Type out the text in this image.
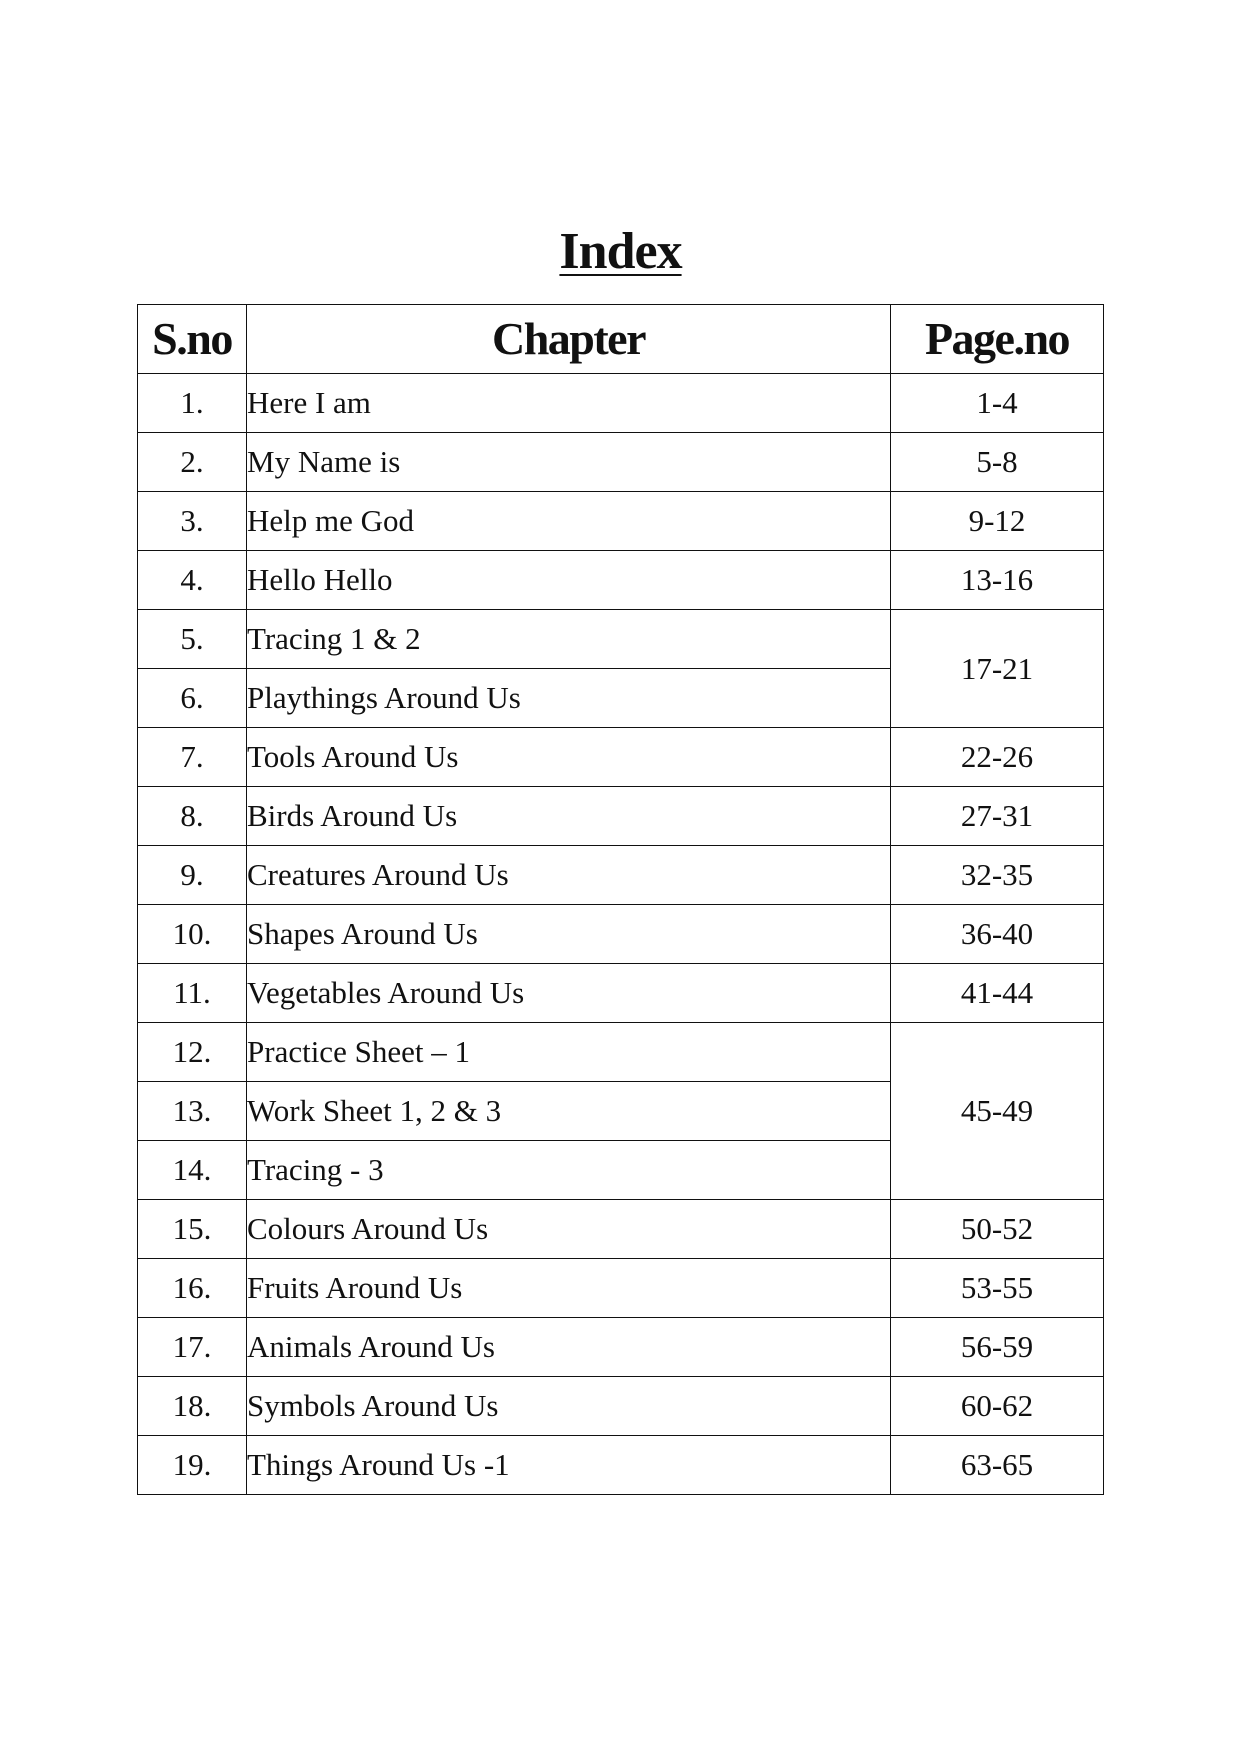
Index
S.no	Chapter	Page.no
1.	Here I am	1-4
2.	My Name is	5-8
3.	Help me God	9-12
4.	Hello Hello	13-16
5.	Tracing 1 & 2	17-21
6.	Playthings Around Us	
7.	Tools Around Us	22-26
8.	Birds Around Us	27-31
9.	Creatures Around Us	32-35
10.	Shapes Around Us	36-40
11.	Vegetables Around Us	41-44
12.	Practice Sheet – 1	45-49
13.	Work Sheet 1, 2 & 3	
14.	Tracing - 3	
15.	Colours Around Us	50-52
16.	Fruits Around Us	53-55
17.	Animals Around Us	56-59
18.	Symbols Around Us	60-62
19.	Things Around Us -1	63-65
